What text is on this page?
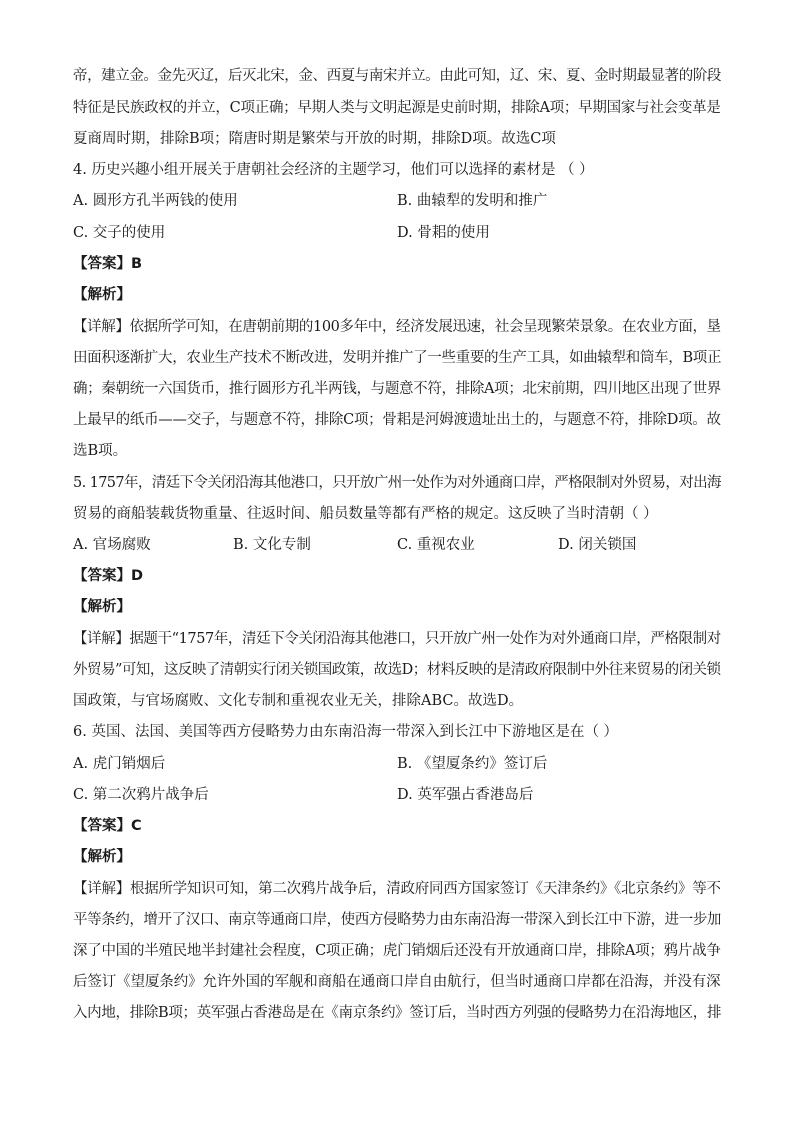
帝，建立金。金先灭辽，后灭北宋，金、西夏与南宋并立。由此可知，辽、宋、夏、金时期最显著的阶段
特征是民族政权的并立，C项正确；早期人类与文明起源是史前时期，排除A项；早期国家与社会变革是
夏商周时期，排除B项；隋唐时期是繁荣与开放的时期，排除D项。故选C项
4. 历史兴趣小组开展关于唐朝社会经济的主题学习，他们可以选择的素材是 （ ）
A. 圆形方孔半两钱的使用	B. 曲辕犁的发明和推广
C. 交子的使用	D. 骨耜的使用
【答案】B
【解析】
【详解】依据所学可知，在唐朝前期的100多年中，经济发展迅速，社会呈现繁荣景象。在农业方面，垦
田面积逐渐扩大，农业生产技术不断改进，发明并推广了一些重要的生产工具，如曲辕犁和筒车，B项正
确；秦朝统一六国货币，推行圆形方孔半两钱，与题意不符，排除A项；北宋前期，四川地区出现了世界
上最早的纸币——交子，与题意不符，排除C项；骨耜是河姆渡遗址出土的，与题意不符，排除D项。故
选B项。
5. 1757年，清廷下令关闭沿海其他港口，只开放广州一处作为对外通商口岸，严格限制对外贸易，对出海
贸易的商船装载货物重量、往返时间、船员数量等都有严格的规定。这反映了当时清朝（ ）
A. 官场腐败	B. 文化专制	C. 重视农业	D. 闭关锁国
【答案】D
【解析】
【详解】据题干“1757年，清廷下令关闭沿海其他港口，只开放广州一处作为对外通商口岸，严格限制对
外贸易”可知，这反映了清朝实行闭关锁国政策，故选D；材料反映的是清政府限制中外往来贸易的闭关锁
国政策，与官场腐败、文化专制和重视农业无关，排除ABC。故选D。
6. 英国、法国、美国等西方侵略势力由东南沿海一带深入到长江中下游地区是在（ ）
A. 虎门销烟后	B. 《望厦条约》签订后
C. 第二次鸦片战争后	D. 英军强占香港岛后
【答案】C
【解析】
【详解】根据所学知识可知，第二次鸦片战争后，清政府同西方国家签订《天津条约》《北京条约》等不
平等条约，增开了汉口、南京等通商口岸，使西方侵略势力由东南沿海一带深入到长江中下游，进一步加
深了中国的半殖民地半封建社会程度，C项正确；虎门销烟后还没有开放通商口岸，排除A项；鸦片战争
后签订《望厦条约》允许外国的军舰和商船在通商口岸自由航行，但当时通商口岸都在沿海，并没有深
入内地，排除B项；英军强占香港岛是在《南京条约》签订后，当时西方列强的侵略势力在沿海地区，排
